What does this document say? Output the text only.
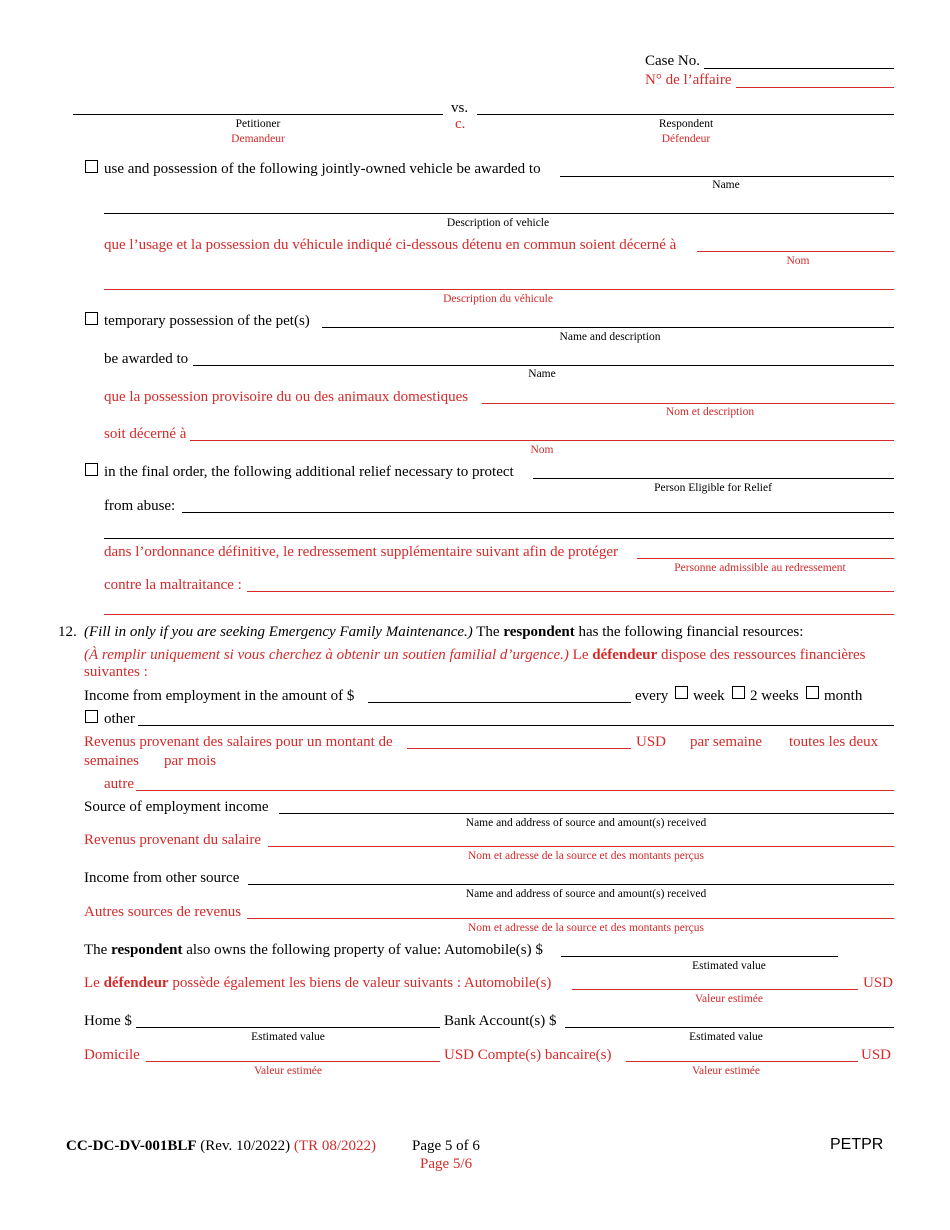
Case No.
N° de l’affaire
vs.
Petitioner	c.	Respondent
Demandeur	Défendeur
use and possession of the following jointly-owned vehicle be awarded to
Name
Description of vehicle
que l’usage et la possession du véhicule indiqué ci-dessous détenu en commun soient décerné à
Nom
Description du véhicule
temporary possession of the pet(s)
Name and description
be awarded to
Name
que la possession provisoire du ou des animaux domestiques
Nom et description
soit décerné à
Nom
in the final order, the following additional relief necessary to protect
Person Eligible for Relief
from abuse:
dans l’ordonnance définitive, le redressement supplémentaire suivant afin de protéger
Personne admissible au redressement
contre la maltraitance :
12. (Fill in only if you are seeking Emergency Family Maintenance.) The respondent has the following financial resources:
(À remplir uniquement si vous cherchez à obtenir un soutien familial d’urgence.) Le défendeur dispose des ressources financières
suivantes :
Income from employment in the amount of $	every week 2 weeks month
other
Revenus provenant des salaires pour un montant de	USD par semaine toutes les deux
semaines par mois
autre
Source of employment income
Name and address of source and amount(s) received
Revenus provenant du salaire
Nom et adresse de la source et des montants perçus
Income from other source
Name and address of source and amount(s) received
Autres sources de revenus
Nom et adresse de la source et des montants perçus
The respondent also owns the following property of value: Automobile(s) $
Estimated value
Le défendeur possède également les biens de valeur suivants : Automobile(s)	USD
Valeur estimée
Home $	Bank Account(s) $
Estimated value	Estimated value
Domicile	USD Compte(s) bancaire(s)	USD
Valeur estimée	Valeur estimée
CC-DC-DV-001BLF (Rev. 10/2022) (TR 08/2022) Page 5 of 6
Page 5/6
PETPR
